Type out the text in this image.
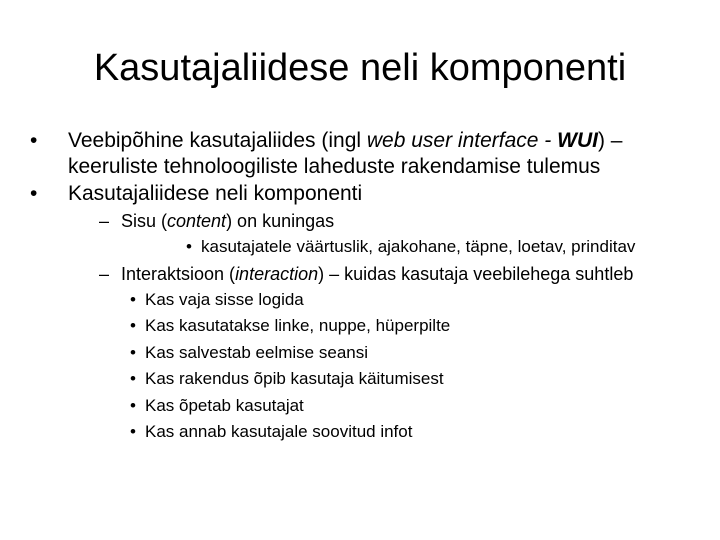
Kasutajaliidese neli komponenti
• Veebipõhine kasutajaliides (ingl web user interface - WUI) – keeruliste tehnoloogiliste laheduste rakendamise tulemus
• Kasutajaliidese neli komponenti
– Sisu (content) on kuningas
• kasutajatele väärtuslik, ajakohane, täpne, loetav, prinditav
– Interaktsioon (interaction) – kuidas kasutaja veebilehega suhtleb
• Kas vaja sisse logida
• Kas kasutatakse linke, nuppe, hüperpilte
• Kas salvestab eelmise seansi
• Kas rakendus õpib kasutaja käitumisest
• Kas õpetab kasutajat
• Kas annab kasutajale soovitud infot
